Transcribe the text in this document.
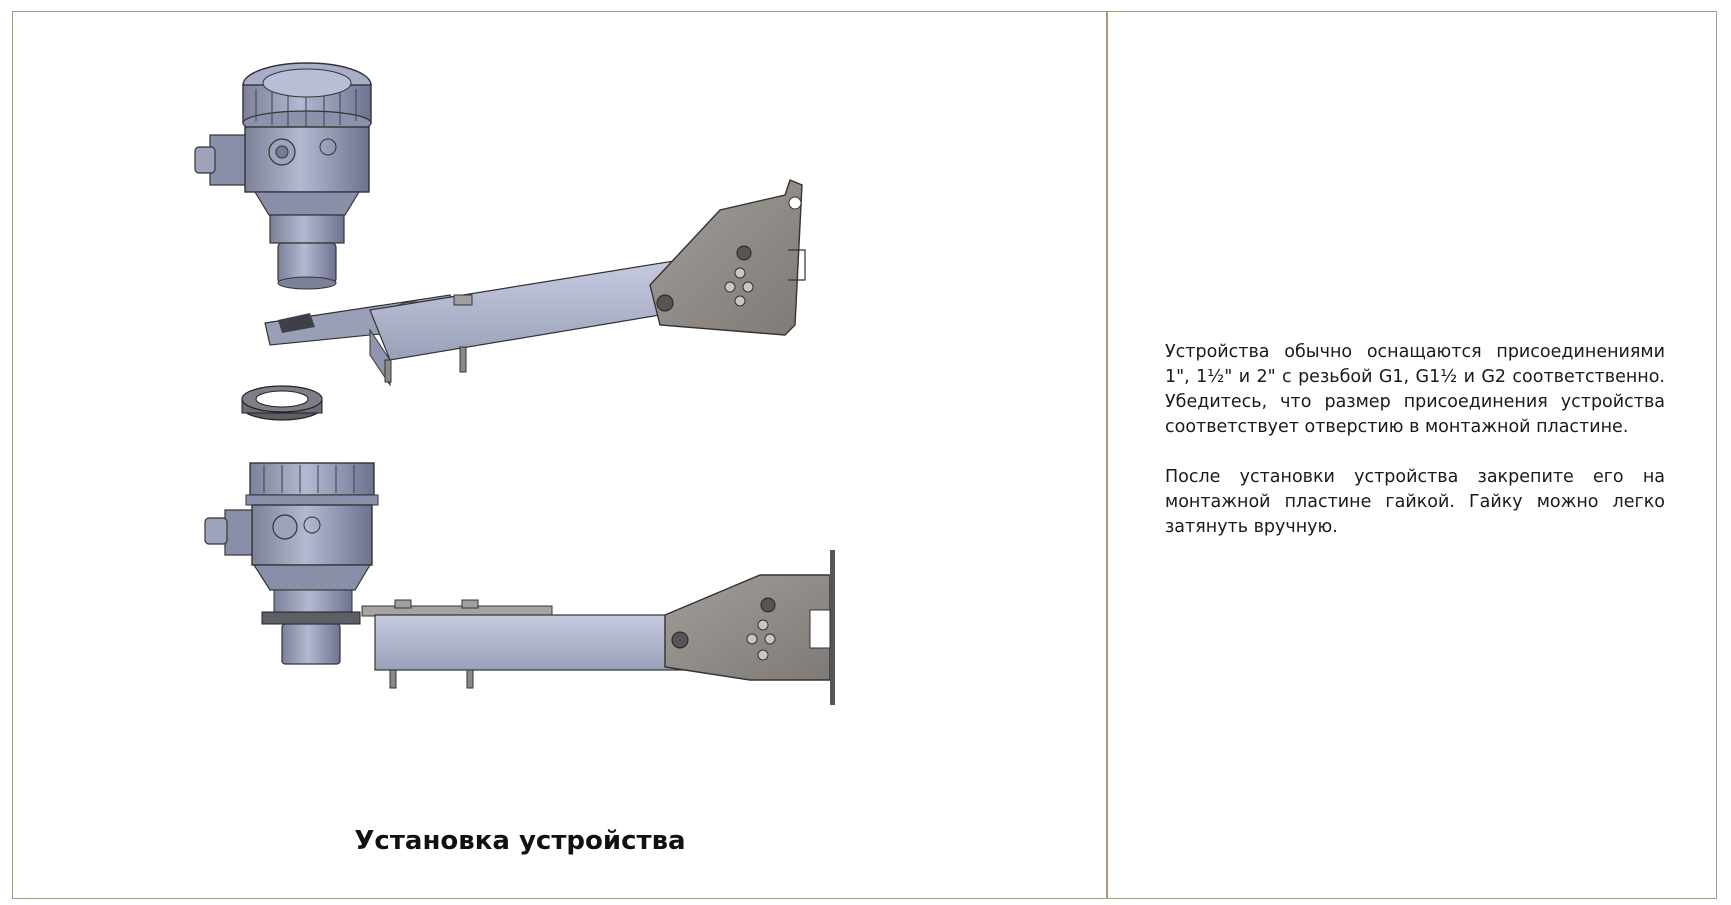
Установка устройства

Устройства обычно оснащаются присоединениями 1", 1½" и 2" с резьбой G1, G1½ и G2 соответственно. Убедитесь, что размер присоединения устройства соответствует отверстию в монтажной пластине.

После установки устройства закрепите его на монтажной пластине гайкой. Гайку можно легко затянуть вручную.
